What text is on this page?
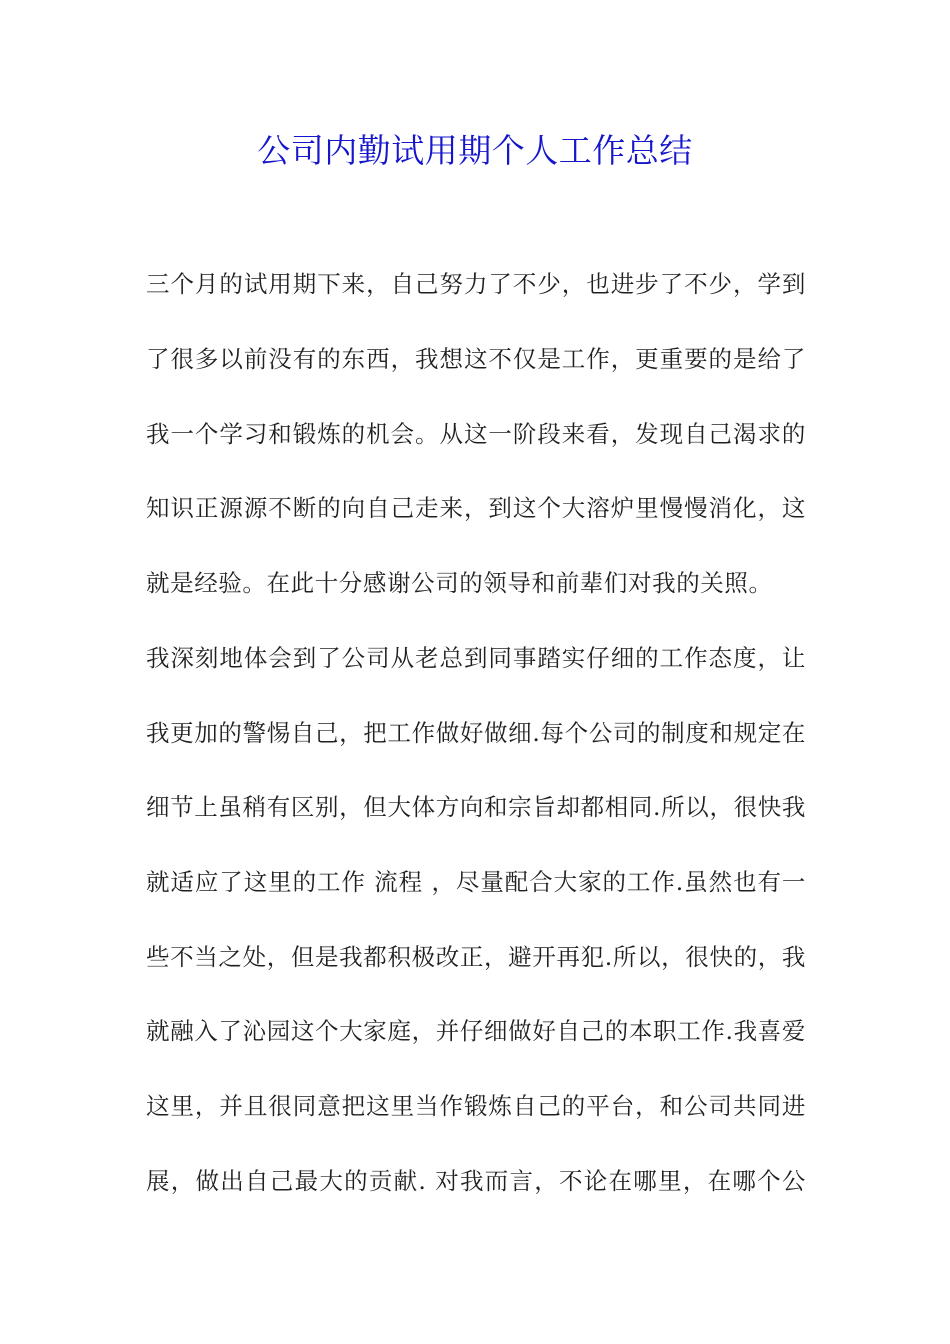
公司内勤试用期个人工作总结
三个月的试用期下来，自己努力了不少，也进步了不少，学到
了很多以前没有的东西，我想这不仅是工作，更重要的是给了
我一个学习和锻炼的机会。从这一阶段来看，发现自己渴求的
知识正源源不断的向自己走来，到这个大溶炉里慢慢消化，这
就是经验。在此十分感谢公司的领导和前辈们对我的关照。
我深刻地体会到了公司从老总到同事踏实仔细的工作态度，让
我更加的警惕自己，把工作做好做细.每个公司的制度和规定在
细节上虽稍有区别，但大体方向和宗旨却都相同.所以，很快我
就适应了这里的工作 流程 ，尽量配合大家的工作.虽然也有一
些不当之处，但是我都积极改正，避开再犯.所以，很快的，我
就融入了沁园这个大家庭，并仔细做好自己的本职工作.我喜爱
这里，并且很同意把这里当作锻炼自己的平台，和公司共同进
展，做出自己最大的贡献. 对我而言，不论在哪里，在哪个公
